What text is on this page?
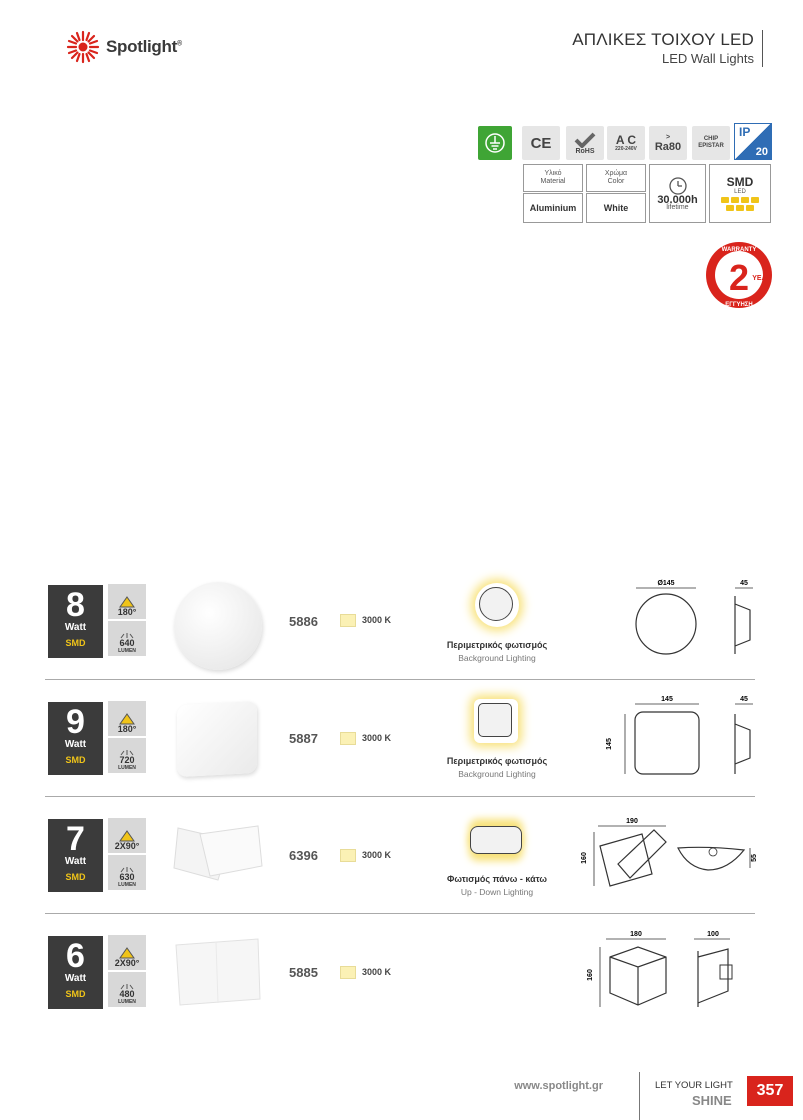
Spotlight®	ΑΠΛΙΚΕΣ ΤΟΙΧΟΥ LED
LED Wall Lights
CE	RoHS
A C
220-240V
>
Ra80
CHIP
EPISTAR
IP
20
Υλικό
Material
Aluminium
Χρώμα
Color
White
30.000h
lifetime
SMD
LED
2
WARRANTY
ΕΓΓΥΗΣΗ
YEAR
8
Watt
SMD
180°
640
LUMEN
5886	3000 K
Περιμετρικός φωτισμός
Background Lighting
Ø145	45
9
Watt
SMD
180°
720
LUMEN
5887	3000 K
Περιμετρικός φωτισμός
Background Lighting
145
145
45
7
Watt
SMD
2X90°
630
LUMEN
6396	3000 K
Φωτισμός πάνω - κάτω
Up - Down Lighting
190
160	55
6
Watt
SMD
2X90°
480
LUMEN
5885	3000 K
180
160
100
www.spotlight.gr	LET YOUR LIGHT
SHINE
357
